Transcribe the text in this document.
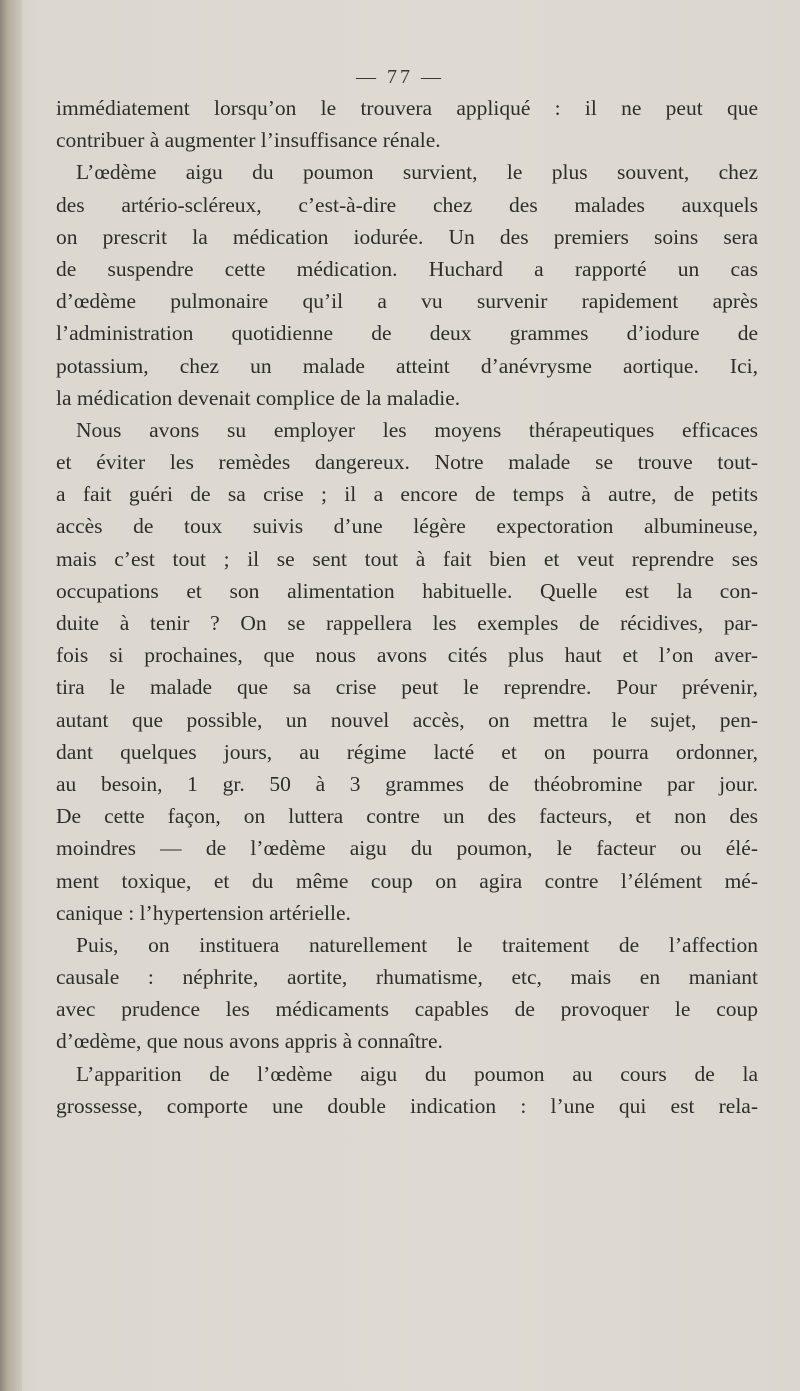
— 77 —
immédiatement lorsqu’on le trouvera appliqué : il ne peut que
contribuer à augmenter l’insuffisance rénale.
L’œdème aigu du poumon survient, le plus souvent, chez
des artério-scléreux, c’est-à-dire chez des malades auxquels
on prescrit la médication iodurée. Un des premiers soins sera
de suspendre cette médication. Huchard a rapporté un cas
d’œdème pulmonaire qu’il a vu survenir rapidement après
l’administration quotidienne de deux grammes d’iodure de
potassium, chez un malade atteint d’anévrysme aortique. Ici,
la médication devenait complice de la maladie.
Nous avons su employer les moyens thérapeutiques efficaces
et éviter les remèdes dangereux. Notre malade se trouve tout-
a fait guéri de sa crise ; il a encore de temps à autre, de petits
accès de toux suivis d’une légère expectoration albumineuse,
mais c’est tout ; il se sent tout à fait bien et veut reprendre ses
occupations et son alimentation habituelle. Quelle est la con-
duite à tenir ? On se rappellera les exemples de récidives, par-
fois si prochaines, que nous avons cités plus haut et l’on aver-
tira le malade que sa crise peut le reprendre. Pour prévenir,
autant que possible, un nouvel accès, on mettra le sujet, pen-
dant quelques jours, au régime lacté et on pourra ordonner,
au besoin, 1 gr. 50 à 3 grammes de théobromine par jour.
De cette façon, on luttera contre un des facteurs, et non des
moindres — de l’œdème aigu du poumon, le facteur ou élé-
ment toxique, et du même coup on agira contre l’élément mé-
canique : l’hypertension artérielle.
Puis, on instituera naturellement le traitement de l’affection
causale : néphrite, aortite, rhumatisme, etc, mais en maniant
avec prudence les médicaments capables de provoquer le coup
d’œdème, que nous avons appris à connaître.
L’apparition de l’œdème aigu du poumon au cours de la
grossesse, comporte une double indication : l’une qui est rela-
